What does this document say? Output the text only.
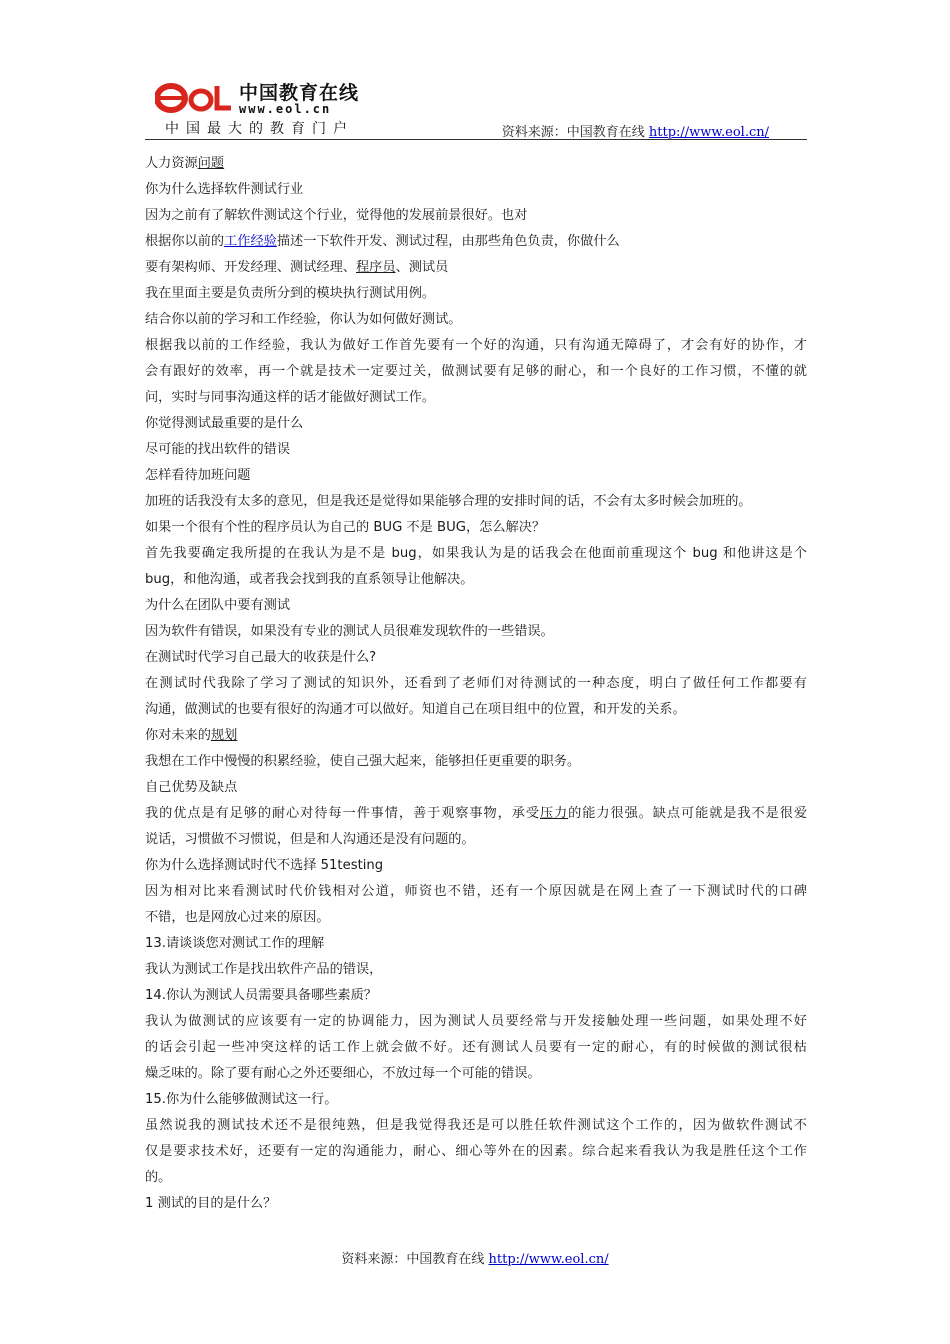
中国教育在线
www.eol.cn
中国最大的教育门户	资料来源：中国教育在线 http://www.eol.cn/
人力资源问题
你为什么选择软件测试行业
因为之前有了解软件测试这个行业，觉得他的发展前景很好。也对
根据你以前的工作经验描述一下软件开发、测试过程，由那些角色负责，你做什么
要有架构师、开发经理、测试经理、程序员、测试员
我在里面主要是负责所分到的模块执行测试用例。
结合你以前的学习和工作经验，你认为如何做好测试。
根据我以前的工作经验，我认为做好工作首先要有一个好的沟通，只有沟通无障碍了，才会有好的协作，才
会有跟好的效率，再一个就是技术一定要过关，做测试要有足够的耐心，和一个良好的工作习惯，不懂的就
问，实时与同事沟通这样的话才能做好测试工作。
你觉得测试最重要的是什么
尽可能的找出软件的错误
怎样看待加班问题
加班的话我没有太多的意见，但是我还是觉得如果能够合理的安排时间的话，不会有太多时候会加班的。
如果一个很有个性的程序员认为自己的 BUG 不是 BUG，怎么解决？
首先我要确定我所提的在我认为是不是 bug，如果我认为是的话我会在他面前重现这个 bug 和他讲这是个
bug，和他沟通，或者我会找到我的直系领导让他解决。
为什么在团队中要有测试
因为软件有错误，如果没有专业的测试人员很难发现软件的一些错误。
在测试时代学习自己最大的收获是什么?
在测试时代我除了学习了测试的知识外，还看到了老师们对待测试的一种态度，明白了做任何工作都要有
沟通，做测试的也要有很好的沟通才可以做好。知道自己在项目组中的位置，和开发的关系。
你对未来的规划
我想在工作中慢慢的积累经验，使自己强大起来，能够担任更重要的职务。
自己优势及缺点
我的优点是有足够的耐心对待每一件事情，善于观察事物，承受压力的能力很强。缺点可能就是我不是很爱
说话，习惯做不习惯说，但是和人沟通还是没有问题的。
你为什么选择测试时代不选择 51testing
因为相对比来看测试时代价钱相对公道，师资也不错，还有一个原因就是在网上查了一下测试时代的口碑
不错，也是网放心过来的原因。
13.请谈谈您对测试工作的理解
我认为测试工作是找出软件产品的错误，
14.你认为测试人员需要具备哪些素质？
我认为做测试的应该要有一定的协调能力，因为测试人员要经常与开发接触处理一些问题，如果处理不好
的话会引起一些冲突这样的话工作上就会做不好。还有测试人员要有一定的耐心，有的时候做的测试很枯
燥乏味的。除了要有耐心之外还要细心，不放过每一个可能的错误。
15.你为什么能够做测试这一行。
虽然说我的测试技术还不是很纯熟，但是我觉得我还是可以胜任软件测试这个工作的，因为做软件测试不
仅是要求技术好，还要有一定的沟通能力，耐心、细心等外在的因素。综合起来看我认为我是胜任这个工作
的。
1 测试的目的是什么？
资料来源：中国教育在线 http://www.eol.cn/
